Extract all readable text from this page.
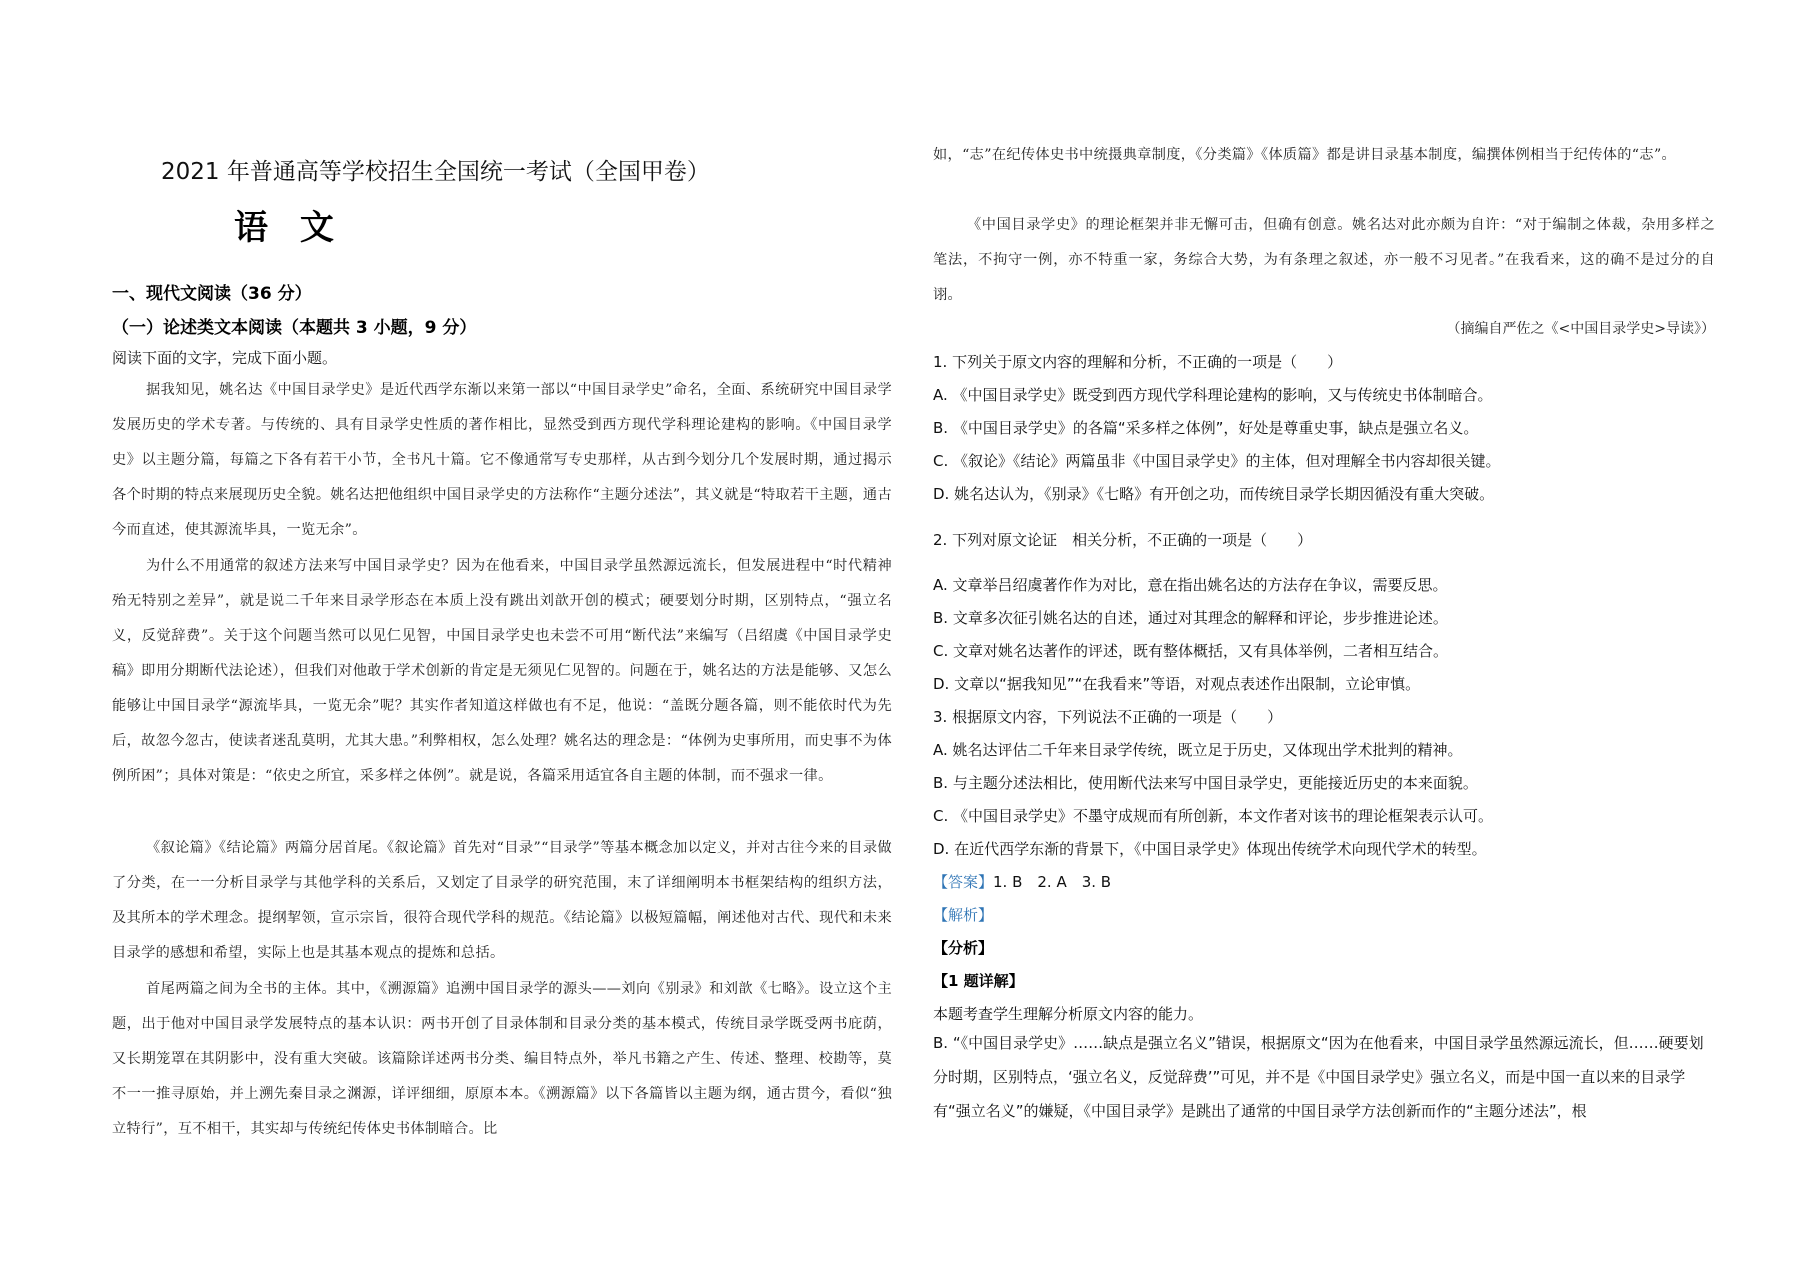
2021 年普通高等学校招生全国统一考试（全国甲卷）
语 文
一、现代文阅读（36 分）
（一）论述类文本阅读（本题共 3 小题，9 分）
阅读下面的文字，完成下面小题。

据我知见，姚名达《中国目录学史》是近代西学东渐以来第一部以“中国目录学史”命名，全面、系统研究中国目录学发展历史的学术专著。与传统的、具有目录学史性质的著作相比，显然受到西方现代学科理论建构的影响。《中国目录学史》以主题分篇，每篇之下各有若干小节，全书凡十篇。它不像通常写专史那样，从古到今划分几个发展时期，通过揭示各个时期的特点来展现历史全貌。姚名达把他组织中国目录学史的方法称作“主题分述法”，其义就是“特取若干主题，通古今而直述，使其源流毕具，一览无余”。

为什么不用通常的叙述方法来写中国目录学史？因为在他看来，中国目录学虽然源远流长，但发展进程中“时代精神殆无特别之差异”，就是说二千年来目录学形态在本质上没有跳出刘歆开创的模式；硬要划分时期，区别特点，“强立名义，反觉辞费”。关于这个问题当然可以见仁见智，中国目录学史也未尝不可用“断代法”来编写（吕绍虞《中国目录学史稿》即用分期断代法论述），但我们对他敢于学术创新的肯定是无须见仁见智的。问题在于，姚名达的方法是能够、又怎么能够让中国目录学“源流毕具，一览无余”呢？其实作者知道这样做也有不足，他说：“盖既分题各篇，则不能依时代为先后，故忽今忽古，使读者迷乱莫明，尤其大患。”利弊相权，怎么处理？姚名达的理念是：“体例为史事所用，而史事不为体例所困”；具体对策是：“依史之所宜，采多样之体例”。就是说，各篇采用适宜各自主题的体制，而不强求一律。

《叙论篇》《结论篇》两篇分居首尾。《叙论篇》首先对“目录”“目录学”等基本概念加以定义，并对古往今来的目录做了分类，在一一分析目录学与其他学科的关系后，又划定了目录学的研究范围，末了详细阐明本书框架结构的组织方法，及其所本的学术理念。提纲挈领，宣示宗旨，很符合现代学科的规范。《结论篇》以极短篇幅，阐述他对古代、现代和未来目录学的感想和希望，实际上也是其基本观点的提炼和总括。

首尾两篇之间为全书的主体。其中，《溯源篇》追溯中国目录学的源头——刘向《别录》和刘歆《七略》。设立这个主题，出于他对中国目录学发展特点的基本认识：两书开创了目录体制和目录分类的基本模式，传统目录学既受两书庇荫，又长期笼罩在其阴影中，没有重大突破。该篇除详述两书分类、编目特点外，举凡书籍之产生、传述、整理、校勘等，莫不一一推寻原始，并上溯先秦目录之渊源，详评细细，原原本本。《溯源篇》以下各篇皆以主题为纲，通古贯今，看似“独立特行”，互不相干，其实却与传统纪传体史书体制暗合。比

如，“志”在纪传体史书中统摄典章制度，《分类篇》《体质篇》都是讲目录基本制度，编撰体例相当于纪传体的“志”。

《中国目录学史》的理论框架并非无懈可击，但确有创意。姚名达对此亦颇为自许：“对于编制之体裁，杂用多样之笔法，不拘守一例，亦不特重一家，务综合大势，为有条理之叙述，亦一般不习见者。”在我看来，这的确不是过分的自诩。

（摘编自严佐之《<中国目录学史>导读》）
1. 下列关于原文内容的理解和分析，不正确的一项是（　　）
A. 《中国目录学史》既受到西方现代学科理论建构的影响，又与传统史书体制暗合。
B. 《中国目录学史》的各篇“采多样之体例”，好处是尊重史事，缺点是强立名义。
C. 《叙论》《结论》两篇虽非《中国目录学史》的主体，但对理解全书内容却很关键。
D. 姚名达认为，《别录》《七略》有开创之功，而传统目录学长期因循没有重大突破。
2. 下列对原文论证　相关分析，不正确的一项是（　　）
A. 文章举吕绍虞著作作为对比，意在指出姚名达的方法存在争议，需要反思。
B. 文章多次征引姚名达的自述，通过对其理念的解释和评论，步步推进论述。
C. 文章对姚名达著作的评述，既有整体概括，又有具体举例，二者相互结合。
D. 文章以“据我知见”“在我看来”等语，对观点表述作出限制，立论审慎。
3. 根据原文内容，下列说法不正确的一项是（　　）
A. 姚名达评估二千年来目录学传统，既立足于历史，又体现出学术批判的精神。
B. 与主题分述法相比，使用断代法来写中国目录学史，更能接近历史的本来面貌。
C. 《中国目录学史》不墨守成规而有所创新，本文作者对该书的理论框架表示认可。
D. 在近代西学东渐的背景下，《中国目录学史》体现出传统学术向现代学术的转型。
【答案】1. B　2. A　3. B
【解析】
【分析】
【1 题详解】
本题考查学生理解分析原文内容的能力。

B. “《中国目录学史》……缺点是强立名义”错误，根据原文“因为在他看来，中国目录学虽然源远流长，但……硬要划分时期，区别特点，‘强立名义，反觉辞费’”可见，并不是《中国目录学史》强立名义，而是中国一直以来的目录学有“强立名义”的嫌疑，《中国目录学》是跳出了通常的中国目录学方法创新而作的“主题分述法”，根
